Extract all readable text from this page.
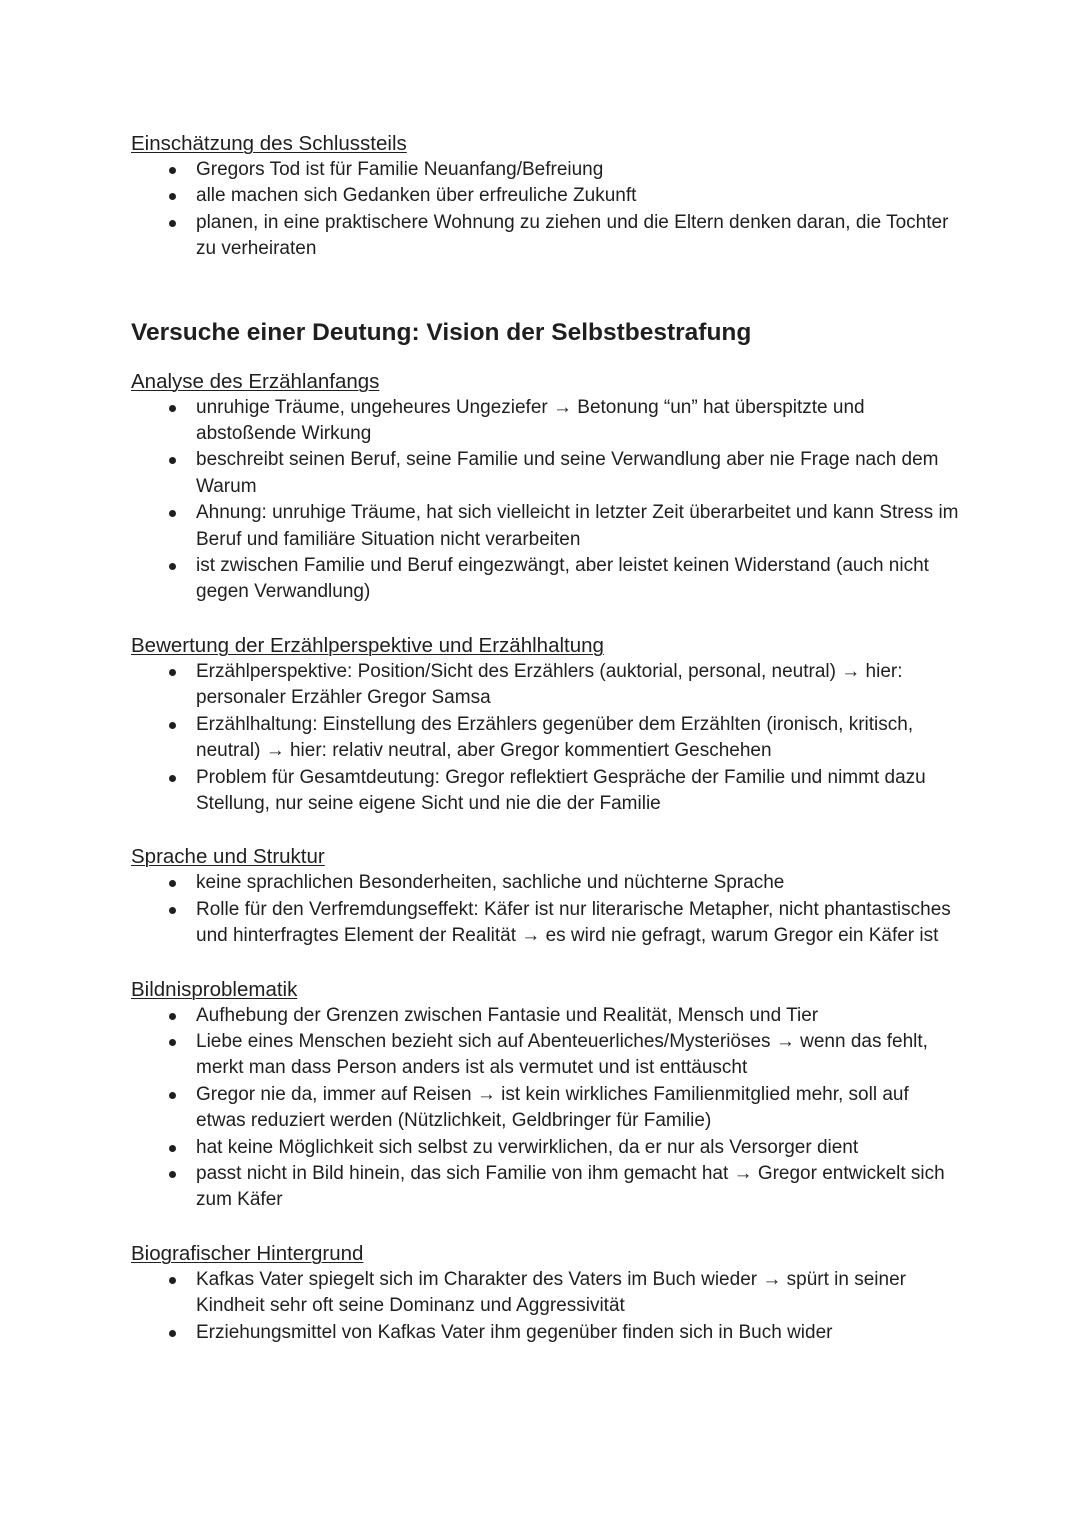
Einschätzung des Schlussteils
Gregors Tod ist für Familie Neuanfang/Befreiung
alle machen sich Gedanken über erfreuliche Zukunft
planen, in eine praktischere Wohnung zu ziehen und die Eltern denken daran, die Tochter zu verheiraten
Versuche einer Deutung: Vision der Selbstbestrafung
Analyse des Erzählanfangs
unruhige Träume, ungeheures Ungeziefer → Betonung “un” hat überspitzte und abstoßende Wirkung
beschreibt seinen Beruf, seine Familie und seine Verwandlung aber nie Frage nach dem Warum
Ahnung: unruhige Träume, hat sich vielleicht in letzter Zeit überarbeitet und kann Stress im Beruf und familiäre Situation nicht verarbeiten
ist zwischen Familie und Beruf eingezwängt, aber leistet keinen Widerstand (auch nicht gegen Verwandlung)
Bewertung der Erzählperspektive und Erzählhaltung
Erzählperspektive: Position/Sicht des Erzählers (auktorial, personal, neutral) → hier: personaler Erzähler Gregor Samsa
Erzählhaltung: Einstellung des Erzählers gegenüber dem Erzählten (ironisch, kritisch, neutral) → hier: relativ neutral, aber Gregor kommentiert Geschehen
Problem für Gesamtdeutung: Gregor reflektiert Gespräche der Familie und nimmt dazu Stellung, nur seine eigene Sicht und nie die der Familie
Sprache und Struktur
keine sprachlichen Besonderheiten, sachliche und nüchterne Sprache
Rolle für den Verfremdungseffekt: Käfer ist nur literarische Metapher, nicht phantastisches und hinterfragtes Element der Realität → es wird nie gefragt, warum Gregor ein Käfer ist
Bildnisproblematik
Aufhebung der Grenzen zwischen Fantasie und Realität, Mensch und Tier
Liebe eines Menschen bezieht sich auf Abenteuerliches/Mysteriöses → wenn das fehlt, merkt man dass Person anders ist als vermutet und ist enttäuscht
Gregor nie da, immer auf Reisen → ist kein wirkliches Familienmitglied mehr, soll auf etwas reduziert werden (Nützlichkeit, Geldbringer für Familie)
hat keine Möglichkeit sich selbst zu verwirklichen, da er nur als Versorger dient
passt nicht in Bild hinein, das sich Familie von ihm gemacht hat → Gregor entwickelt sich zum Käfer
Biografischer Hintergrund
Kafkas Vater spiegelt sich im Charakter des Vaters im Buch wieder → spürt in seiner Kindheit sehr oft seine Dominanz und Aggressivität
Erziehungsmittel von Kafkas Vater ihm gegenüber finden sich in Buch wider
